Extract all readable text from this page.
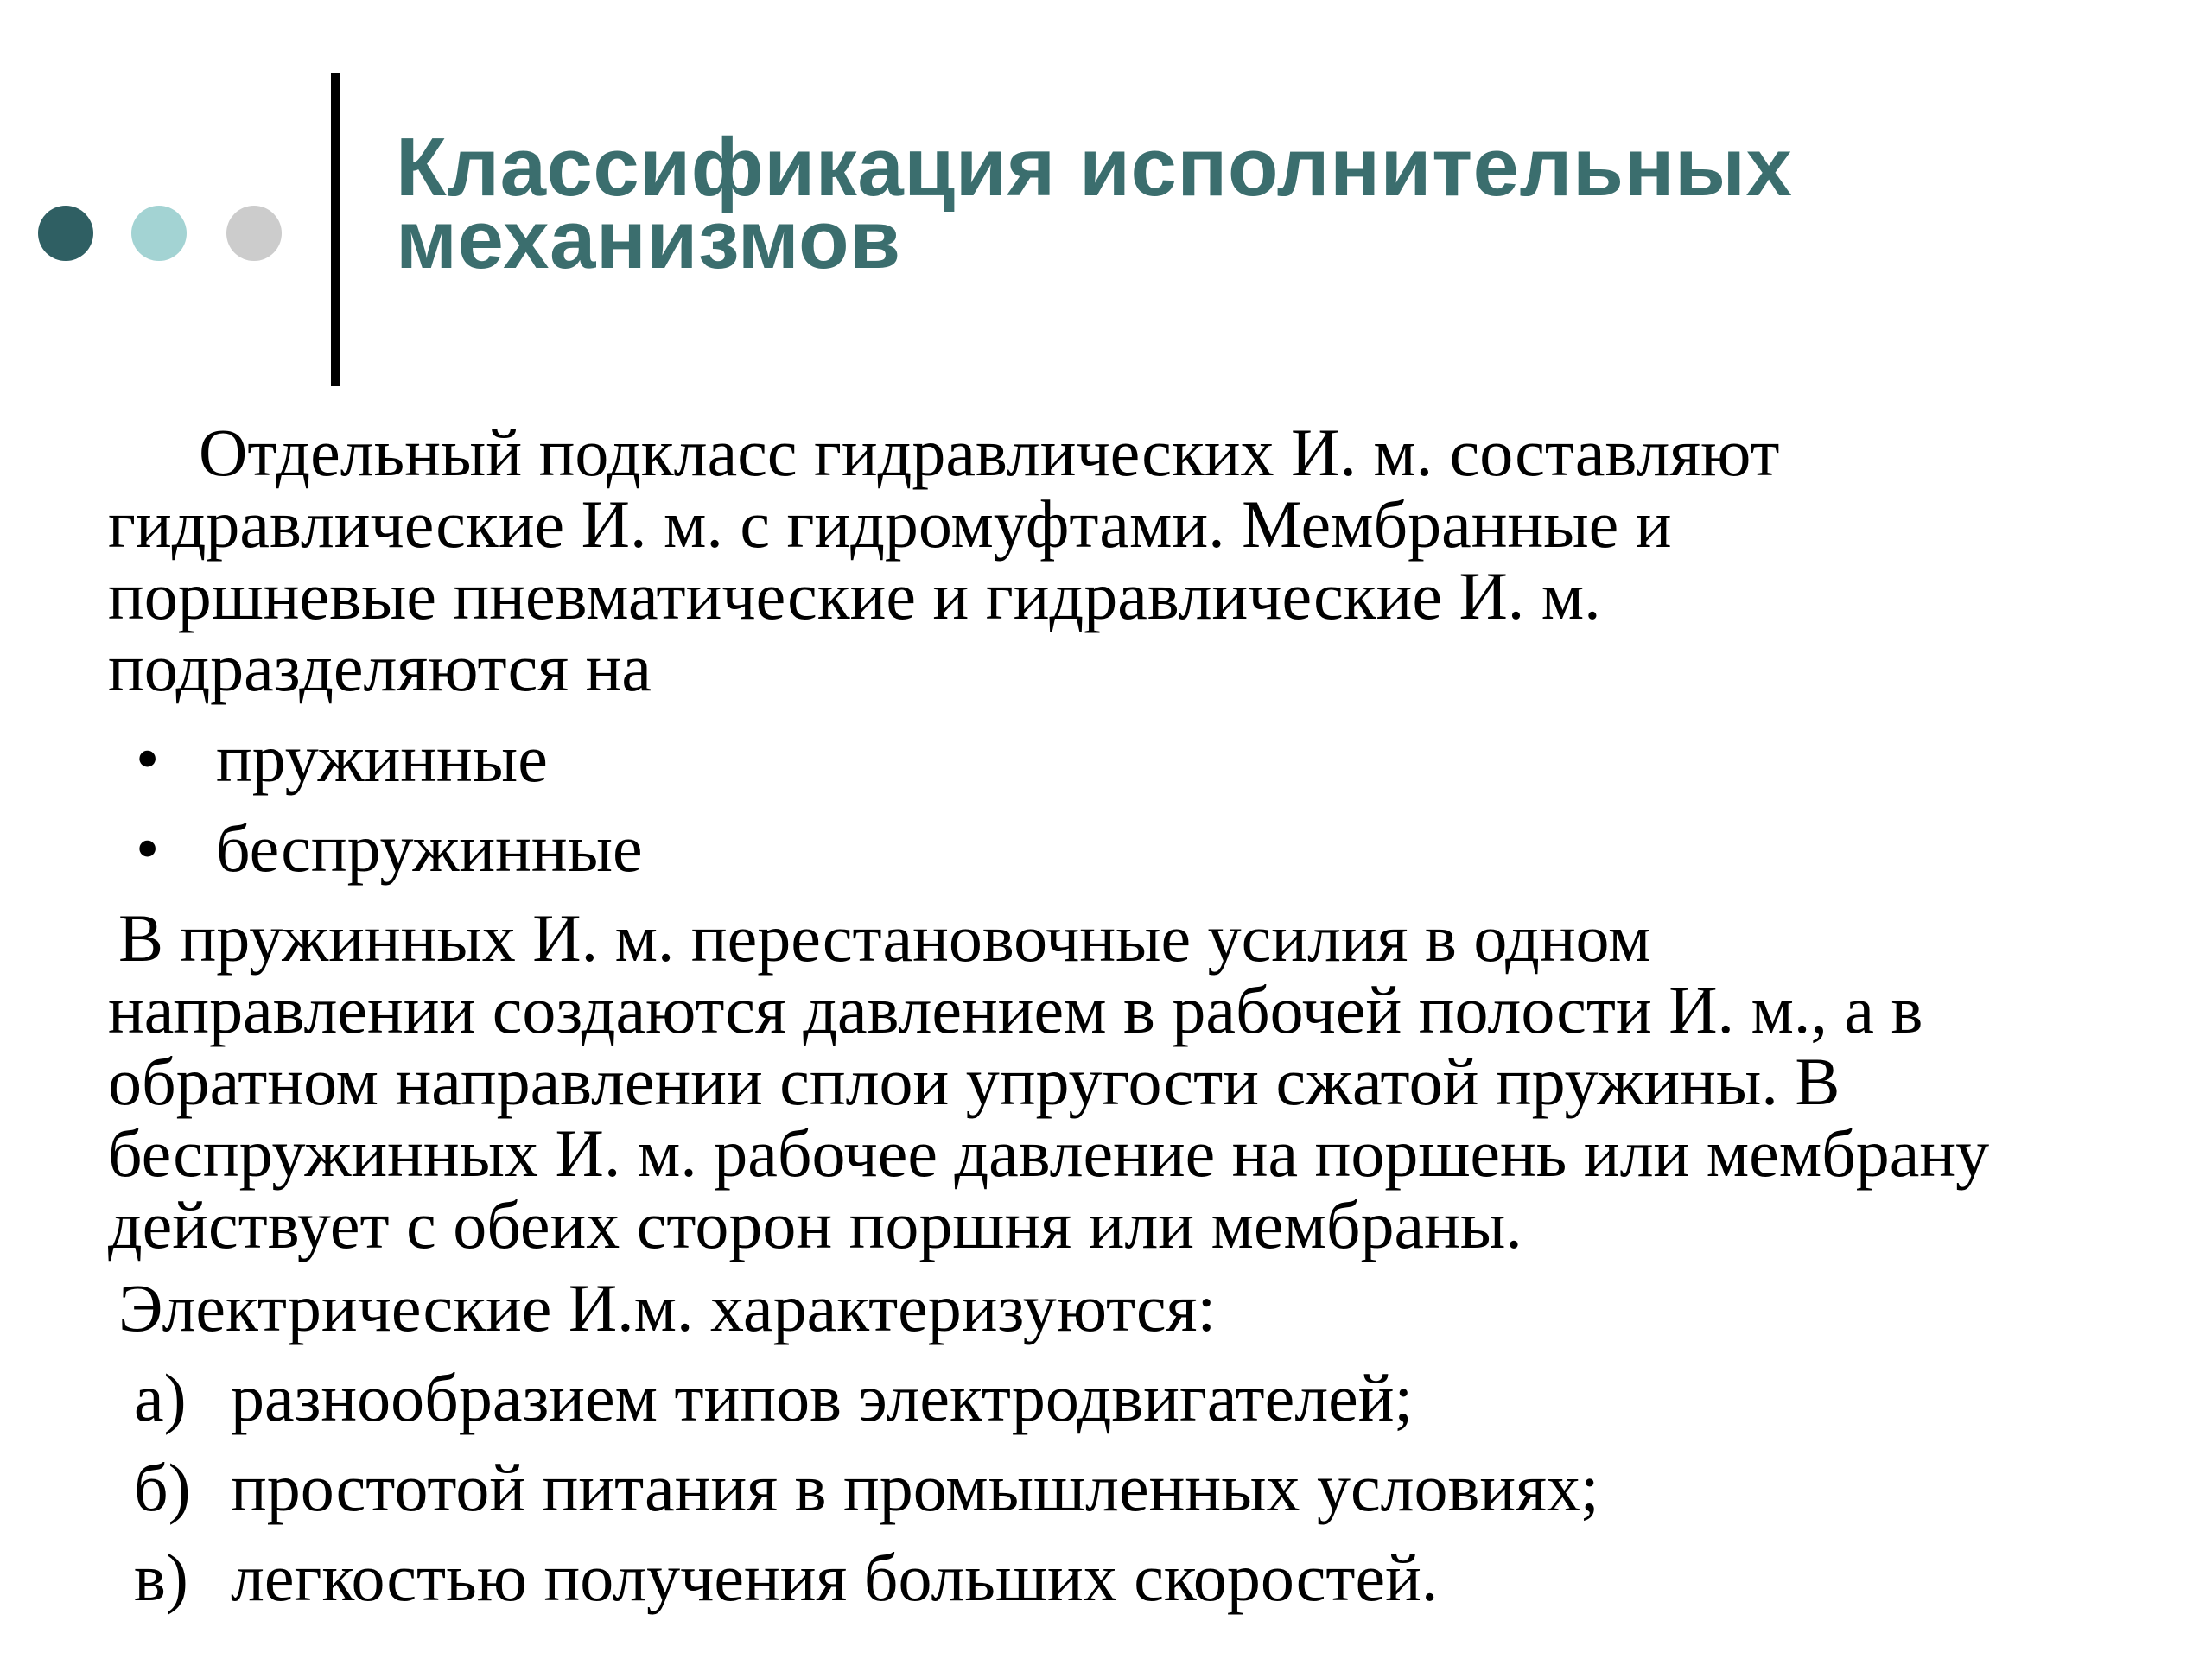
Классификация исполнительных
механизмов

Отдельный подкласс гидравлических И. м. составляют
гидравлические И. м. с гидромуфтами. Мембранные и
поршневые пневматические и гидравлические И. м.
подразделяются на

• пружинные
• беспружинные

В пружинных И. м. перестановочные усилия в одном
направлении создаются давлением в рабочей полости И. м., а в
обратном направлении сплои упругости сжатой пружины. В
беспружинных И. м. рабочее давление на поршень или мембрану
действует с обеих сторон поршня или мембраны.

Электрические И.м. характеризуются:

а) разнообразием типов электродвигателей;
б) простотой питания в промышленных условиях;
в) легкостью получения больших скоростей.
